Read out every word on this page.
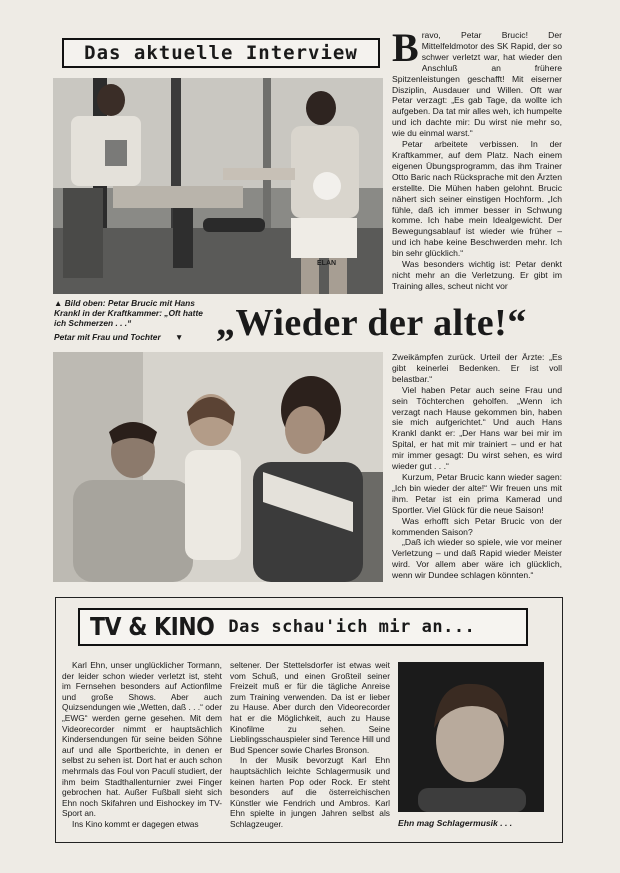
Das aktuelle Interview
ELAN
B ravo, Petar Brucic! Der Mittelfeldmotor des SK Rapid, der so schwer verletzt war, hat wieder den Anschluß an frühere Spitzenleistungen geschafft! Mit eiserner Disziplin, Ausdauer und Willen. Oft war Petar verzagt: „Es gab Tage, da wollte ich aufgeben. Da tat mir alles weh, ich humpelte und ich dachte mir: Du wirst nie mehr so, wie du einmal warst.“

Petar arbeitete verbissen. In der Kraftkammer, auf dem Platz. Nach einem eigenen Übungsprogramm, das ihm Trainer Otto Baric nach Rücksprache mit den Ärzten erstellte. Die Mühen haben gelohnt. Brucic nähert sich seiner einstigen Hochform. „Ich fühle, daß ich immer besser in Schwung komme. Ich habe mein Idealgewicht. Der Bewegungsablauf ist wieder wie früher – und ich habe keine Beschwerden mehr. Ich bin sehr glücklich.“

Was besonders wichtig ist: Petar denkt nicht mehr an die Verletzung. Er gibt im Training alles, scheut nicht vor

▲ Bild oben: Petar Brucic mit Hans Krankl in der Kraftkammer: „Oft hatte ich Schmerzen . . .“
Petar mit Frau und Tochter ▼ „Wieder der alte!“

Zweikämpfen zurück. Urteil der Ärzte: „Es gibt keinerlei Bedenken. Er ist voll belastbar.“

Viel haben Petar auch seine Frau und sein Töchterchen geholfen. „Wenn ich verzagt nach Hause gekommen bin, haben sie mich aufgerichtet.“ Und auch Hans Krankl dankt er: „Der Hans war bei mir im Spital, er hat mit mir trainiert – und er hat mir immer gesagt: Du wirst sehen, es wird wieder gut . . .“

Kurzum, Petar Brucic kann wieder sagen: „Ich bin wieder der alte!“ Wir freuen uns mit ihm. Petar ist ein prima Kamerad und Sportler. Viel Glück für die neue Saison!

Was erhofft sich Petar Brucic von der kommenden Saison?

„Daß ich wieder so spiele, wie vor meiner Verletzung – und daß Rapid wieder Meister wird. Vor allem aber wäre ich glücklich, wenn wir Dundee schlagen könnten.“

TV & KINO Das schau'ich mir an...

Karl Ehn, unser unglücklicher Tormann, der leider schon wieder verletzt ist, steht im Fernsehen besonders auf Actionfilme und große Shows. Aber auch Quizsendungen wie „Wetten, daß . . .“ oder „EWG“ werden gerne gesehen. Mit dem Videorecorder nimmt er hauptsächlich Kindersendungen für seine beiden Söhne auf und alle Sportberichte, in denen er selbst zu sehen ist. Dort hat er auch schon mehrmals das Foul von Paculí studiert, der ihm beim Stadthallenturnier zwei Finger gebrochen hat. Außer Fußball sieht sich Ehn noch Skifahren und Eishockey im TV-Sport an.

Ins Kino kommt er dagegen etwas

seltener. Der Stettelsdorfer ist etwas weit vom Schuß, und einen Großteil seiner Freizeit muß er für die tägliche Anreise zum Training verwenden. Da ist er lieber zu Hause. Aber durch den Videorecorder hat er die Möglichkeit, auch zu Hause Kinofilme zu sehen. Seine Lieblingsschauspieler sind Terence Hill und Bud Spencer sowie Charles Bronson.

In der Musik bevorzugt Karl Ehn hauptsächlich leichte Schlagermusik und keinen harten Pop oder Rock. Er steht besonders auf die österreichischen Künstler wie Fendrich und Ambros. Karl Ehn spielte in jungen Jahren selbst als Schlagzeuger.	Ehn mag Schlagermusik . . .
